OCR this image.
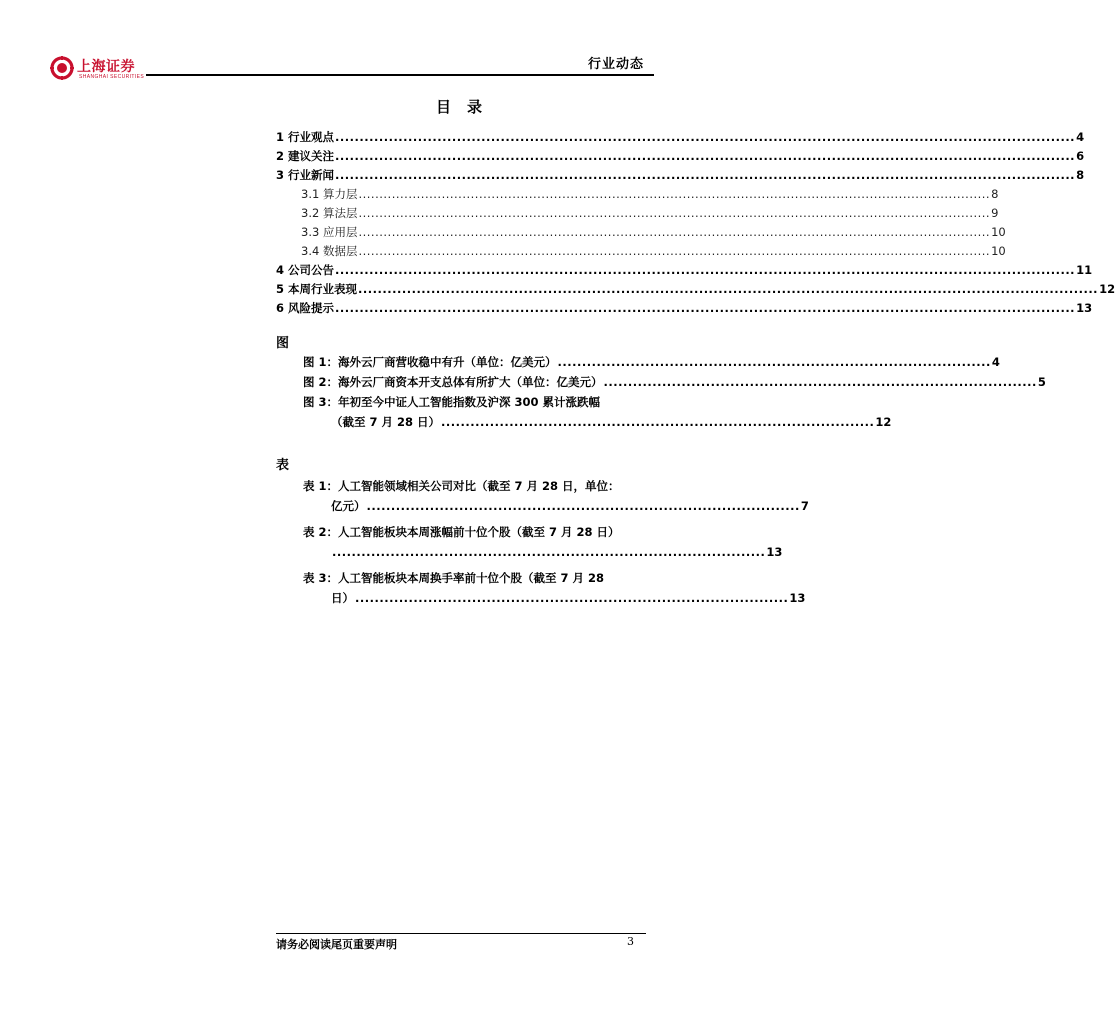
上海证券
SHANGHAI SECURITIES
行业动态
目录
1 行业观点 ........................................................................................................................................................ 4
2 建议关注 ........................................................................................................................................................ 6
3 行业新闻 ........................................................................................................................................................ 8
3.1 算力层 ........................................................................................................................................................ 8
3.2 算法层 ........................................................................................................................................................ 9
3.3 应用层 ........................................................................................................................................................ 10
3.4 数据层 ........................................................................................................................................................ 10
4 公司公告 ........................................................................................................................................................ 11
5 本周行业表现 ........................................................................................................................................................ 12
6 风险提示 ........................................................................................................................................................ 13
图
图 1：海外云厂商营收稳中有升（单位：亿美元） ......................................................................................... 4
图 2：海外云厂商资本开支总体有所扩大（单位：亿美元） ......................................................................................... 5
图 3：年初至今中证人工智能指数及沪深 300 累计涨跌幅
（截至 7 月 28 日） ......................................................................................... 12
表
表 1：人工智能领域相关公司对比（截至 7 月 28 日，单位：
亿元） ......................................................................................... 7
表 2：人工智能板块本周涨幅前十位个股（截至 7 月 28 日）
......................................................................................... 13
表 3：人工智能板块本周换手率前十位个股（截至 7 月 28
日） ......................................................................................... 13
请务必阅读尾页重要声明	3
